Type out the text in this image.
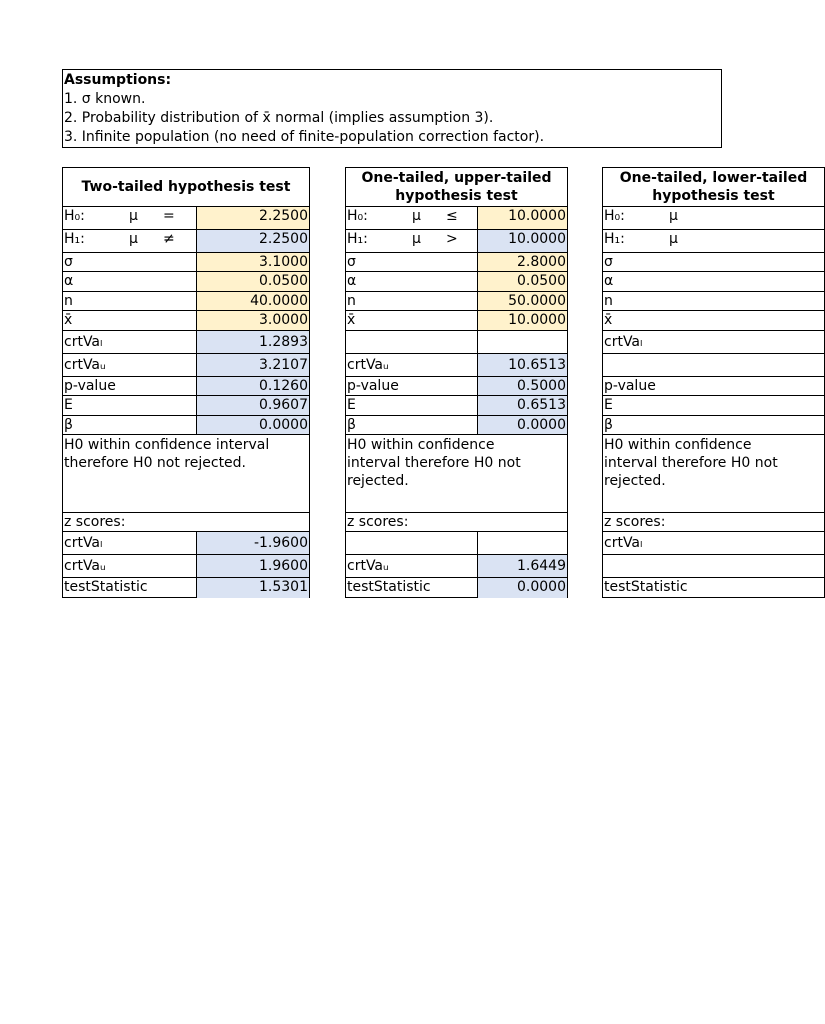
Assumptions:
1. σ known.
2. Probability distribution of x̄ normal (implies assumption 3).
3. Infinite population (no need of finite-population correction factor).
Two-tailed hypothesis test
H₀:	μ =	2.2500
H₁:	μ ≠	2.2500
σ	3.1000
α	0.0500
n	40.0000
x̄	3.0000
crtVaₗ	1.2893
crtVaᵤ	3.2107
p-value	0.1260
E	0.9607
β	0.0000
H0 within confidence interval therefore H0 not rejected.
z scores:
crtVaₗ	-1.9600
crtVaᵤ	1.9600
testStatistic	1.5301
One-tailed, upper-tailed hypothesis test
H₀:	μ ≤	10.0000
H₁:	μ >	10.0000
σ	2.8000
α	0.0500
n	50.0000
x̄	10.0000
crtVaᵤ	10.6513
p-value	0.5000
E	0.6513
β	0.0000
H0 within confidence interval therefore H0 not rejected.
z scores:
crtVaᵤ	1.6449
testStatistic	0.0000
One-tailed, lower-tailed hypothesis test
H₀:	μ
H₁:	μ
σ
α
n
x̄
crtVaₗ
p-value
E
β
H0 within confidence interval therefore H0 not rejected.
z scores:
crtVaₗ
testStatistic
